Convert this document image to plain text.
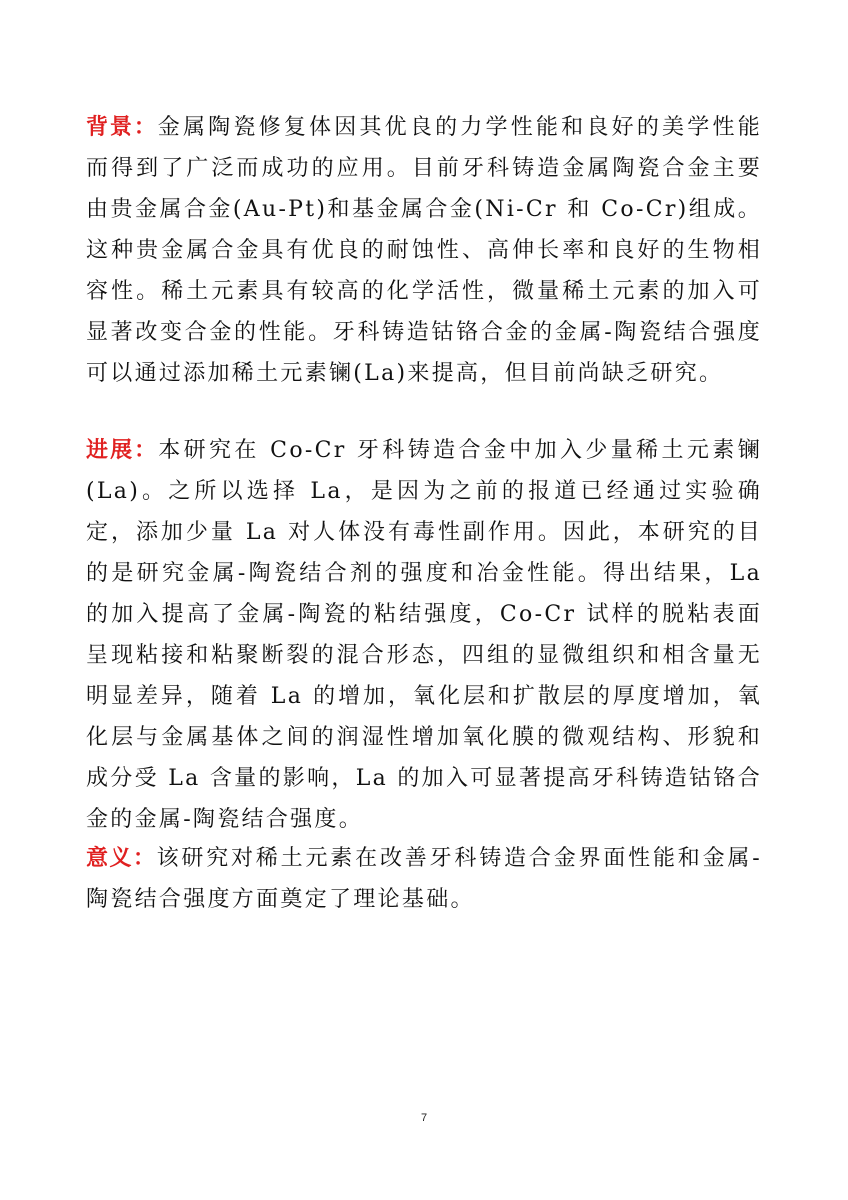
背景：金属陶瓷修复体因其优良的力学性能和良好的美学性能而得到了广泛而成功的应用。目前牙科铸造金属陶瓷合金主要由贵金属合金(Au-Pt)和基金属合金(Ni-Cr 和 Co-Cr)组成。这种贵金属合金具有优良的耐蚀性、高伸长率和良好的生物相容性。稀土元素具有较高的化学活性，微量稀土元素的加入可显著改变合金的性能。牙科铸造钴铬合金的金属-陶瓷结合强度可以通过添加稀土元素镧(La)来提高，但目前尚缺乏研究。

进展：本研究在 Co-Cr 牙科铸造合金中加入少量稀土元素镧(La)。之所以选择 La，是因为之前的报道已经通过实验确定，添加少量 La 对人体没有毒性副作用。因此，本研究的目的是研究金属-陶瓷结合剂的强度和冶金性能。得出结果，La 的加入提高了金属-陶瓷的粘结强度，Co-Cr 试样的脱粘表面呈现粘接和粘聚断裂的混合形态，四组的显微组织和相含量无明显差异，随着 La 的增加，氧化层和扩散层的厚度增加，氧化层与金属基体之间的润湿性增加氧化膜的微观结构、形貌和成分受 La 含量的影响，La 的加入可显著提高牙科铸造钴铬合金的金属-陶瓷结合强度。

意义：该研究对稀土元素在改善牙科铸造合金界面性能和金属-陶瓷结合强度方面奠定了理论基础。

7
